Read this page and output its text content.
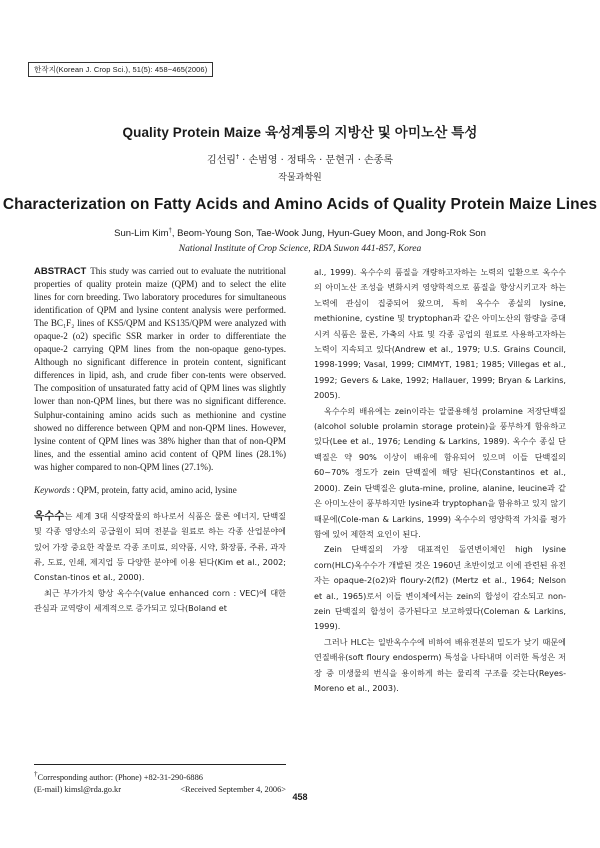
한작지(Korean J. Crop Sci.), 51(5): 458~465(2006)
Quality Protein Maize 육성계통의 지방산 및 아미노산 특성
김선림† · 손범영 · 정태욱 · 문현귀 · 손종록
작물과학원
Characterization on Fatty Acids and Amino Acids of Quality Protein Maize Lines
Sun-Lim Kim†, Beom-Young Son, Tae-Wook Jung, Hyun-Guey Moon, and Jong-Rok Son
National Institute of Crop Science, RDA Suwon 441-857, Korea

ABSTRACT This study was carried out to evaluate the nutritional properties of quality protein maize (QPM) and to select the elite lines for corn breeding. Two laboratory procedures for simultaneous identification of QPM and lysine content analysis were performed. The BC₁F₂ lines of KS5/QPM and KS135/QPM were analyzed with opaque-2 (o2) specific SSR marker in order to differentiate the opaque-2 carrying QPM lines from the non-opaque geno-types. Although no significant difference in protein content, significant differences in lipid, ash, and crude fiber con-tents were observed. The composition of unsaturated fatty acid of QPM lines was slightly lower than non-QPM lines, but there was no significant difference. Sulphur-containing amino acids such as methionine and cystine showed no difference between QPM and non-QPM lines. However, lysine content of QPM lines was 38% higher than that of non-QPM lines, and the essential amino acid content of QPM lines (28.1%) was higher compared to non-QPM lines (27.1%).

Keywords : QPM, protein, fatty acid, amino acid, lysine

옥수수는 세계 3대 식량작물의 하나로서 식품은 물론 에너지, 단백질 및 각종 영양소의 공급원이 되며 전분을 원료로 하는 각종 산업분야에 있어 가장 중요한 작물로 각종 조미료, 의약품, 시약, 화장품, 주류, 과자류, 도료, 인쇄, 제지업 등 다양한 분야에 이용 된다(Kim et al., 2002; Constan-tinos et al., 2000).

최근 부가가치 향상 옥수수(value enhanced corn : VEC)에 대한 관심과 교역량이 세계적으로 증가되고 있다(Boland et

al., 1999). 옥수수의 품질을 개량하고자하는 노력의 일환으로 옥수수의 아미노산 조성을 변화시켜 영양학적으로 품질을 향상시키고자 하는 노력에 관심이 집중되어 왔으며, 특히 옥수수 종실의 lysine, methionine, cystine 및 tryptophan과 같은 아미노산의 함량을 증대시켜 식품은 물론, 가축의 사료 및 각종 공업의 원료로 사용하고자하는 노력이 지속되고 있다(Andrew et al., 1979; U.S. Grains Council, 1998-1999; Vasal, 1999; CIMMYT, 1981; 1985; Villegas et al., 1992; Gevers & Lake, 1992; Hallauer, 1999; Bryan & Larkins, 2005).

옥수수의 배유에는 zein이라는 알콜용해성 prolamine 저장단백질(alcohol soluble prolamin storage protein)을 풍부하게 함유하고 있다(Lee et al., 1976; Lending & Larkins, 1989). 옥수수 종실 단백질은 약 90% 이상이 배유에 함유되어 있으며 이들 단백질의 60~70% 정도가 zein 단백질에 해당 된다(Constantinos et al., 2000). Zein 단백질은 gluta-mine, proline, alanine, leucine과 같은 아미노산이 풍부하지만 lysine과 tryptophan을 함유하고 있지 않기 때문에(Cole-man & Larkins, 1999) 옥수수의 영양학적 가치를 평가함에 있어 제한적 요인이 된다.

Zein 단백질의 가장 대표적인 돌연변이체인 high lysine corn(HLC)옥수수가 개발된 것은 1960년 초반이었고 이에 관련된 유전자는 opaque-2(o2)와 floury-2(fl2) (Mertz et al., 1964; Nelson et al., 1965)로서 이들 변이체에서는 zein의 합성이 감소되고 non-zein 단백질의 합성이 증가된다고 보고하였다(Coleman & Larkins, 1999).

그러나 HLC는 일반옥수수에 비하여 배유전분의 밀도가 낮기 때문에 연질배유(soft floury endosperm) 특성을 나타내며 이러한 특성은 저장 중 미생물의 번식을 용이하게 하는 물리적 구조를 갖는다(Reyes-Moreno et al., 2003).

†Corresponding author: (Phone) +82-31-290-6886
(E-mail) kimsl@rda.go.kr	<Received September 4, 2006>
458
